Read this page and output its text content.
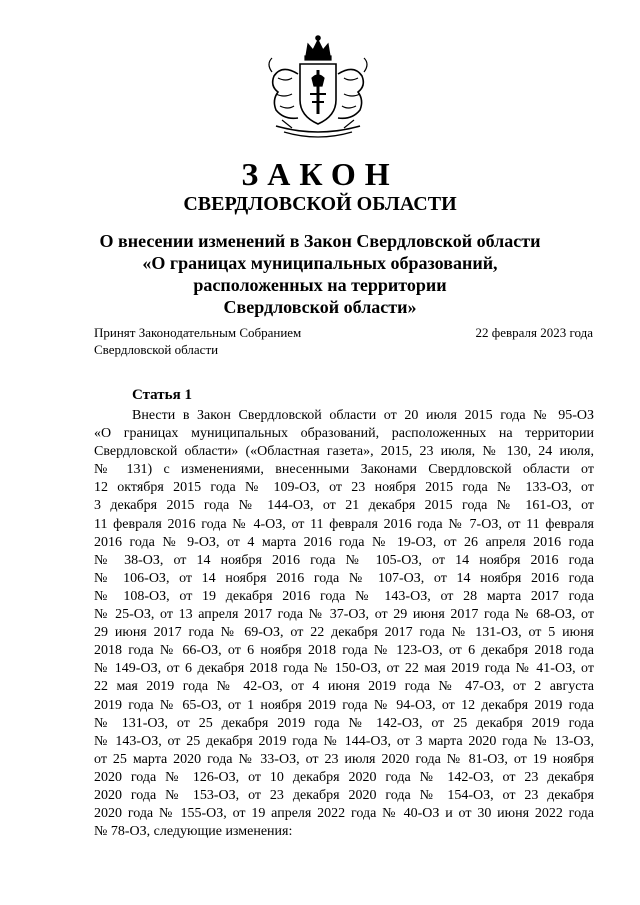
ЗАКОН
СВЕРДЛОВСКОЙ ОБЛАСТИ
О внесении изменений в Закон Свердловской области
«О границах муниципальных образований,
расположенных на территории
Свердловской области»
Принят Законодательным Собранием
Свердловской области
22 февраля 2023 года
Статья 1
Внести в Закон Свердловской области от 20 июля 2015 года № 95-ОЗ
«О границах муниципальных образований, расположенных на территории
Свердловской области» («Областная газета», 2015, 23 июля, № 130, 24 июля,
№ 131) с изменениями, внесенными Законами Свердловской области от
12 октября 2015 года № 109-ОЗ, от 23 ноября 2015 года № 133-ОЗ, от
3 декабря 2015 года № 144-ОЗ, от 21 декабря 2015 года № 161-ОЗ, от
11 февраля 2016 года № 4-ОЗ, от 11 февраля 2016 года № 7-ОЗ, от 11 февраля
2016 года № 9-ОЗ, от 4 марта 2016 года № 19-ОЗ, от 26 апреля 2016 года
№ 38-ОЗ, от 14 ноября 2016 года № 105-ОЗ, от 14 ноября 2016 года
№ 106-ОЗ, от 14 ноября 2016 года № 107-ОЗ, от 14 ноября 2016 года
№ 108-ОЗ, от 19 декабря 2016 года № 143-ОЗ, от 28 марта 2017 года
№ 25-ОЗ, от 13 апреля 2017 года № 37-ОЗ, от 29 июня 2017 года № 68-ОЗ, от
29 июня 2017 года № 69-ОЗ, от 22 декабря 2017 года № 131-ОЗ, от 5 июня
2018 года № 66-ОЗ, от 6 ноября 2018 года № 123-ОЗ, от 6 декабря 2018 года
№ 149-ОЗ, от 6 декабря 2018 года № 150-ОЗ, от 22 мая 2019 года № 41-ОЗ, от
22 мая 2019 года № 42-ОЗ, от 4 июня 2019 года № 47-ОЗ, от 2 августа
2019 года № 65-ОЗ, от 1 ноября 2019 года № 94-ОЗ, от 12 декабря 2019 года
№ 131-ОЗ, от 25 декабря 2019 года № 142-ОЗ, от 25 декабря 2019 года
№ 143-ОЗ, от 25 декабря 2019 года № 144-ОЗ, от 3 марта 2020 года № 13-ОЗ,
от 25 марта 2020 года № 33-ОЗ, от 23 июля 2020 года № 81-ОЗ, от 19 ноября
2020 года № 126-ОЗ, от 10 декабря 2020 года № 142-ОЗ, от 23 декабря
2020 года № 153-ОЗ, от 23 декабря 2020 года № 154-ОЗ, от 23 декабря
2020 года № 155-ОЗ, от 19 апреля 2022 года № 40-ОЗ и от 30 июня 2022 года
№ 78-ОЗ, следующие изменения:
